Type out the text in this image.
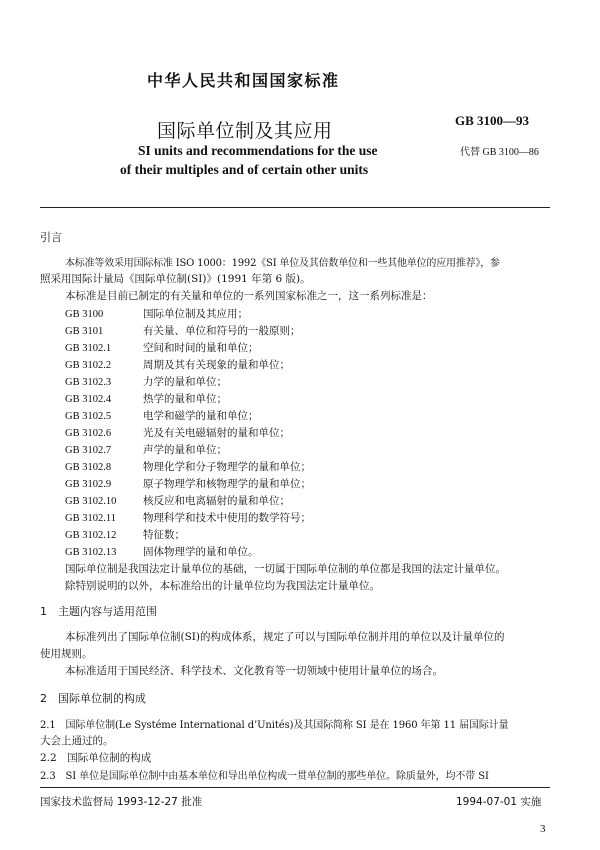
中华人民共和国国家标准
国际单位制及其应用	GB 3100—93
代替 GB 3100—86
SI units and recommendations for the use
of their multiples and of certain other units
引言
本标准等效采用国际标准 ISO 1000：1992《SI 单位及其倍数单位和一些其他单位的应用推荐》，参
照采用国际计量局《国际单位制(SI)》(1991 年第 6 版)。
本标准是目前已制定的有关量和单位的一系列国家标准之一，这一系列标准是：
GB 3100	国际单位制及其应用；
GB 3101	有关量、单位和符号的一般原则；
GB 3102.1	空间和时间的量和单位；
GB 3102.2	周期及其有关现象的量和单位；
GB 3102.3	力学的量和单位；
GB 3102.4	热学的量和单位；
GB 3102.5	电学和磁学的量和单位；
GB 3102.6	光及有关电磁辐射的量和单位；
GB 3102.7	声学的量和单位；
GB 3102.8	物理化学和分子物理学的量和单位；
GB 3102.9	原子物理学和核物理学的量和单位；
GB 3102.10	核反应和电离辐射的量和单位；
GB 3102.11	物理科学和技术中使用的数学符号；
GB 3102.12	特征数；
GB 3102.13	固体物理学的量和单位。
国际单位制是我国法定计量单位的基础，一切属于国际单位制的单位都是我国的法定计量单位。
除特别说明的以外，本标准给出的计量单位均为我国法定计量单位。
1　主题内容与适用范围
本标准列出了国际单位制(SI)的构成体系，规定了可以与国际单位制并用的单位以及计量单位的
使用规则。
本标准适用于国民经济、科学技术、文化教育等一切领域中使用计量单位的场合。
2　国际单位制的构成
2.1　国际单位制(Le Systéme International d’Unités)及其国际简称 SI 是在 1960 年第 11 届国际计量
大会上通过的。
2.2　国际单位制的构成
2.3　SI 单位是国际单位制中由基本单位和导出单位构成一贯单位制的那些单位。除质量外，均不带 SI
国家技术监督局 1993-12-27 批准	1994-07-01 实施
3
